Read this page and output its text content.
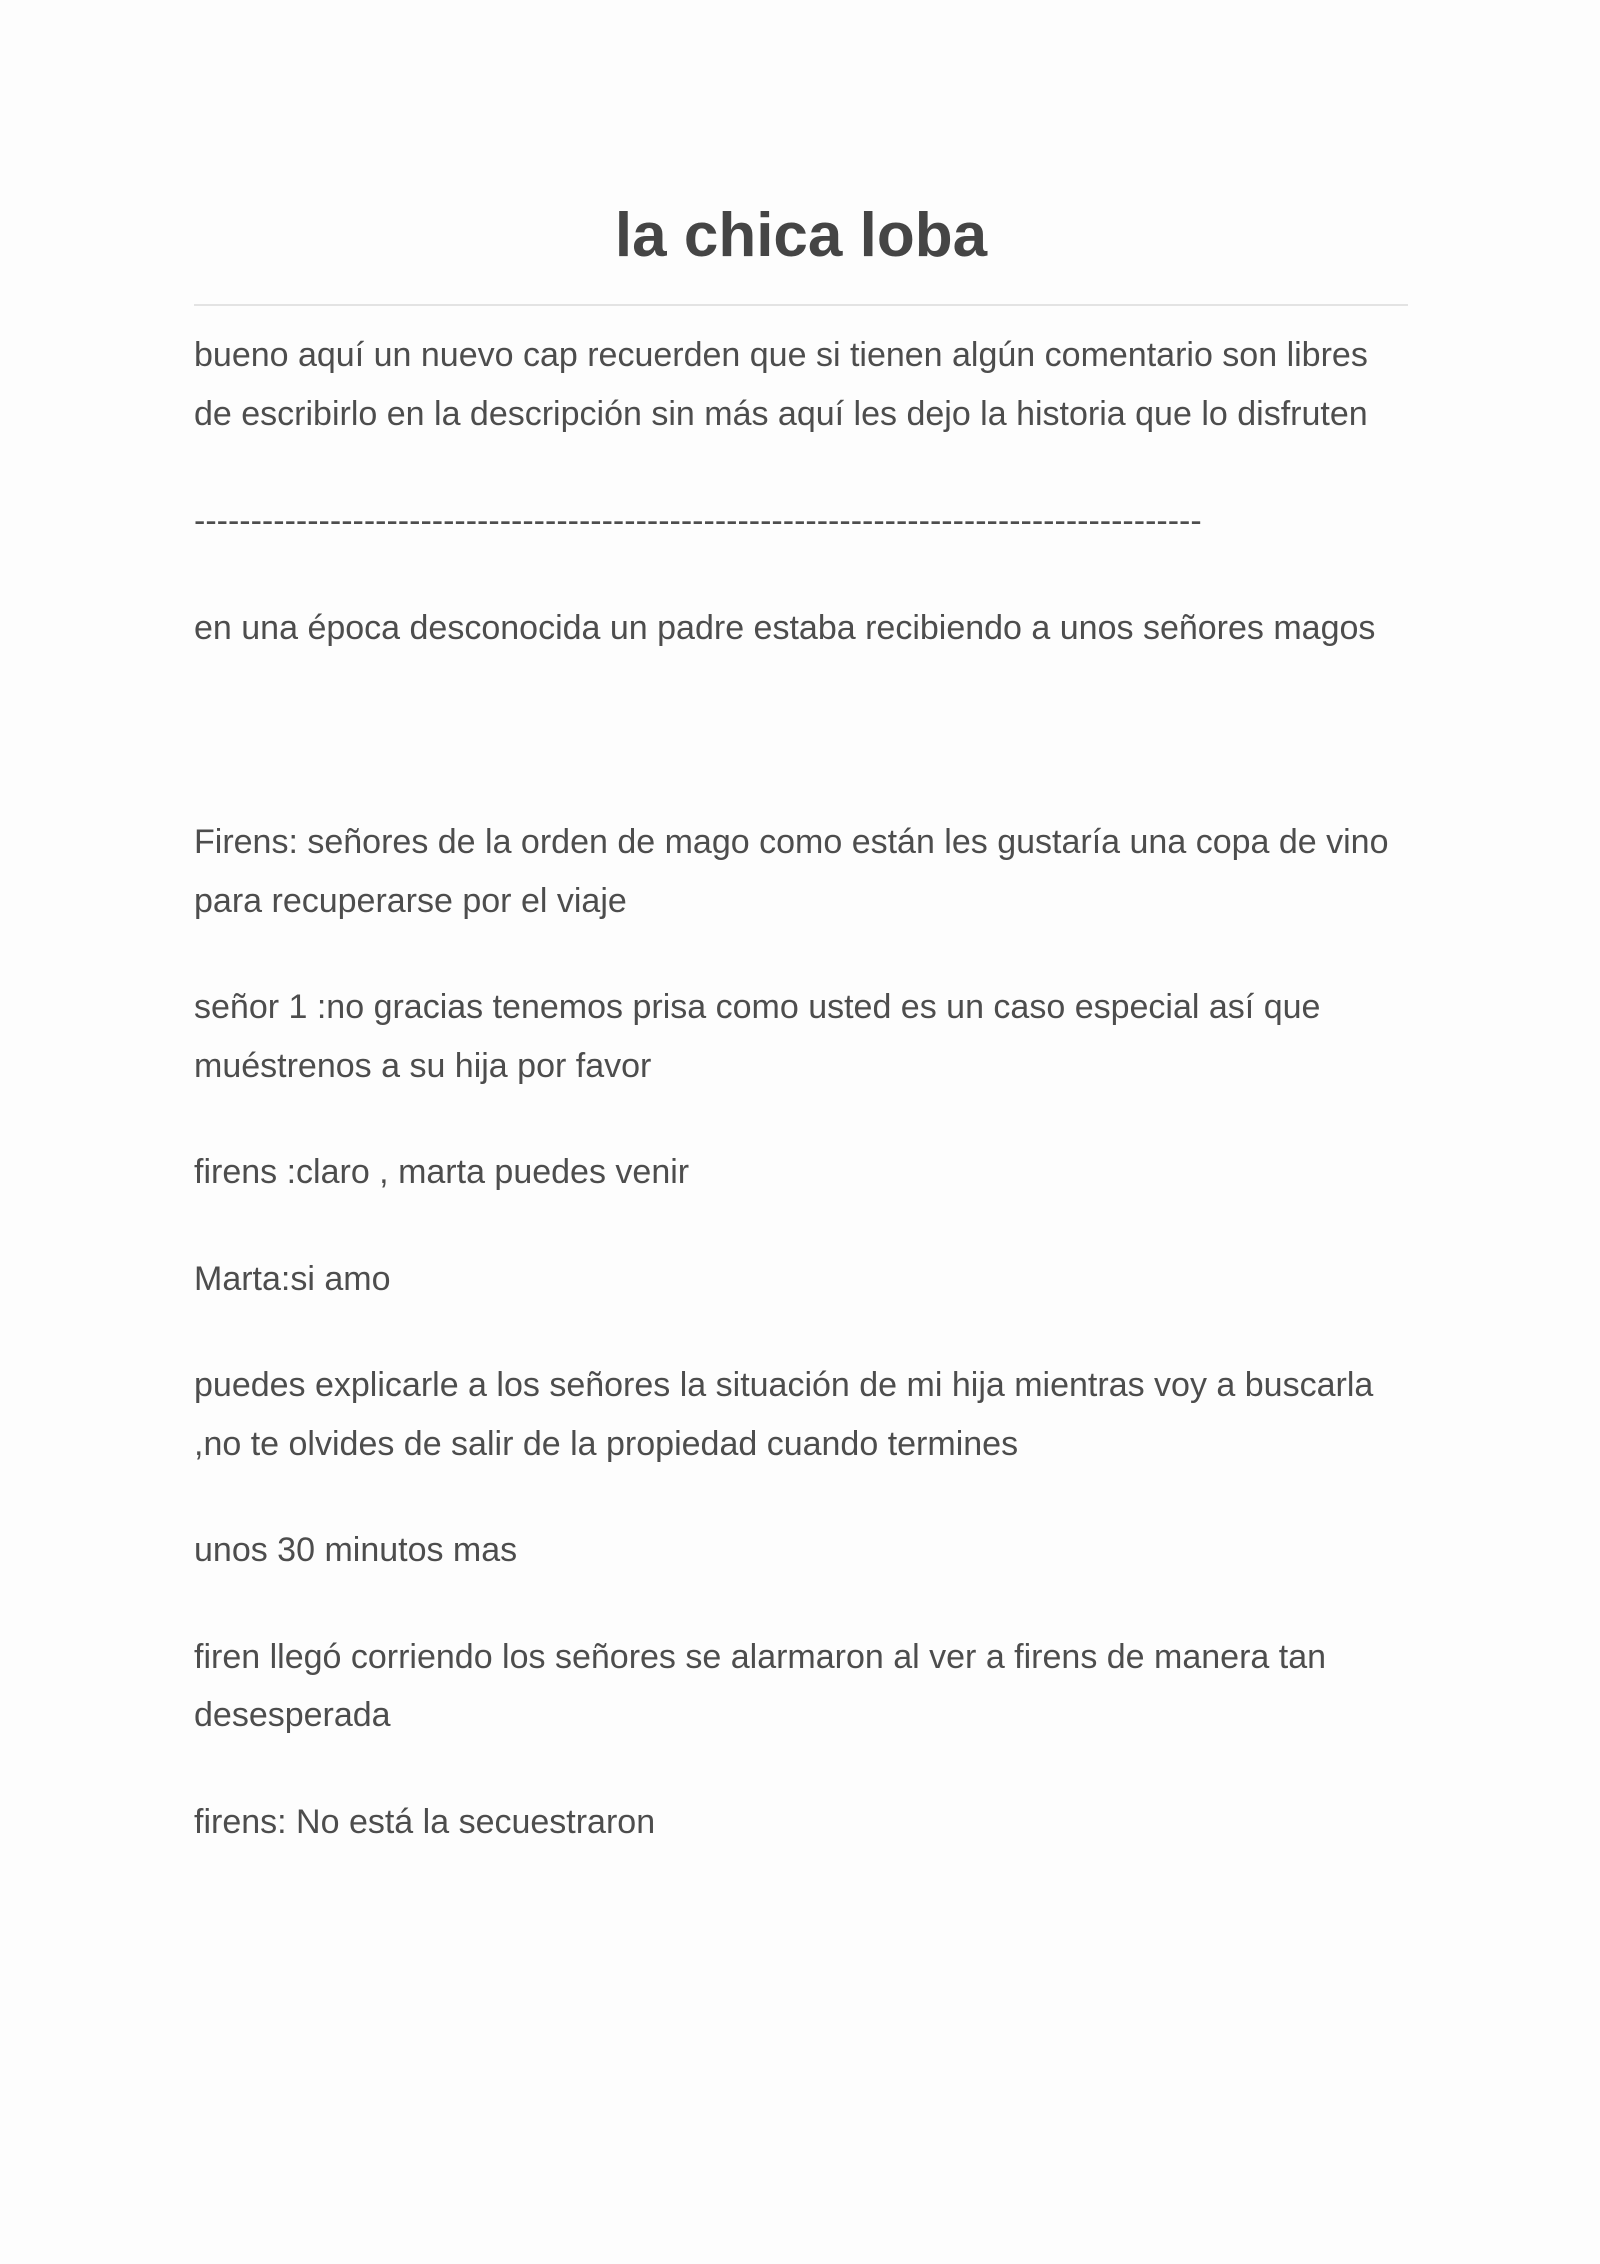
la chica loba

bueno aquí un nuevo cap recuerden que si tienen algún comentario son libres de escribirlo en la descripción sin más aquí les dejo la historia que lo disfruten

-----------------------------------------------------------------------------------------

en una época desconocida un padre estaba recibiendo a unos señores magos

Firens: señores de la orden de mago como están les gustaría una copa de vino para recuperarse por el viaje

señor 1 :no gracias tenemos prisa como usted es un caso especial así que muéstrenos a su hija por favor

firens :claro , marta puedes venir

Marta:si amo

puedes explicarle a los señores la situación de mi hija mientras voy a buscarla ,no te olvides de salir de la propiedad cuando termines

unos 30 minutos mas

firen llegó corriendo los señores se alarmaron al ver a firens de manera tan desesperada

firens: No está la secuestraron
